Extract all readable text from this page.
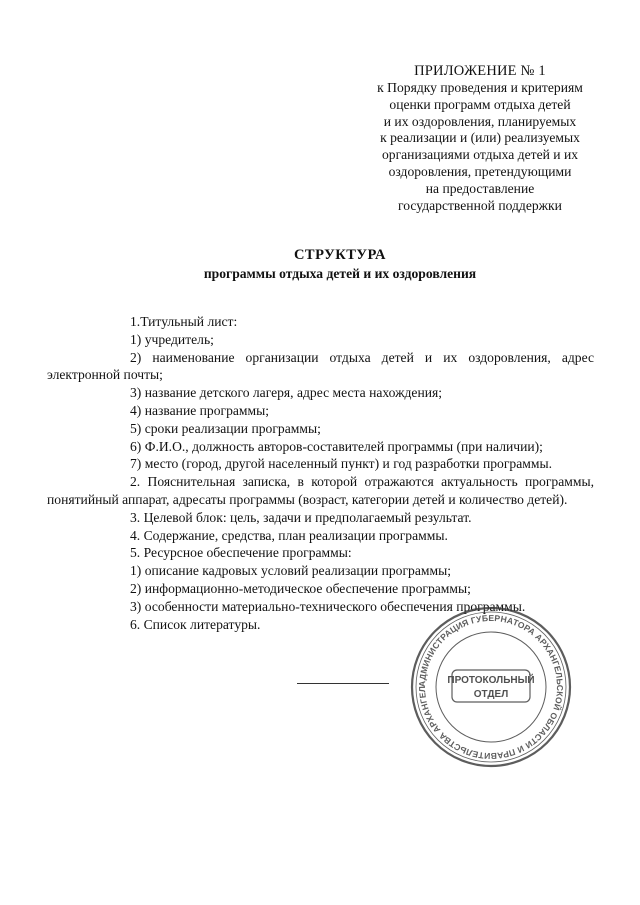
ПРИЛОЖЕНИЕ № 1
к Порядку проведения и критериям
оценки программ отдыха детей
и их оздоровления, планируемых
к реализации и (или) реализуемых
организациями отдыха детей и их
оздоровления, претендующими
на предоставление
государственной поддержки
СТРУКТУРА
программы отдыха детей и их оздоровления

1.Титульный лист:

1) учредитель;

2) наименование организации отдыха детей и их оздоровления, адрес электронной почты;

3) название детского лагеря, адрес места нахождения;

4) название программы;

5) сроки реализации программы;

6) Ф.И.О., должность авторов-составителей программы (при наличии);

7) место (город, другой населенный пункт) и год разработки программы.

2. Пояснительная записка, в которой отражаются актуальность программы, понятийный аппарат, адресаты программы (возраст, категории детей и количество детей).

3. Целевой блок: цель, задачи и предполагаемый результат.

4. Содержание, средства, план реализации программы.

5. Ресурсное обеспечение программы:

1) описание кадровых условий реализации программы;

2) информационно-методическое обеспечение программы;

3) особенности материально-технического обеспечения программы.

6. Список литературы.

АДМИНИСТРАЦИЯ ГУБЕРНАТОРА АРХАНГЕЛЬСКОЙ ОБЛАСТИ И ПРАВИТЕЛЬСТВА АРХАНГЕЛ
ПРОТОКОЛЬНЫЙ
ОТДЕЛ
